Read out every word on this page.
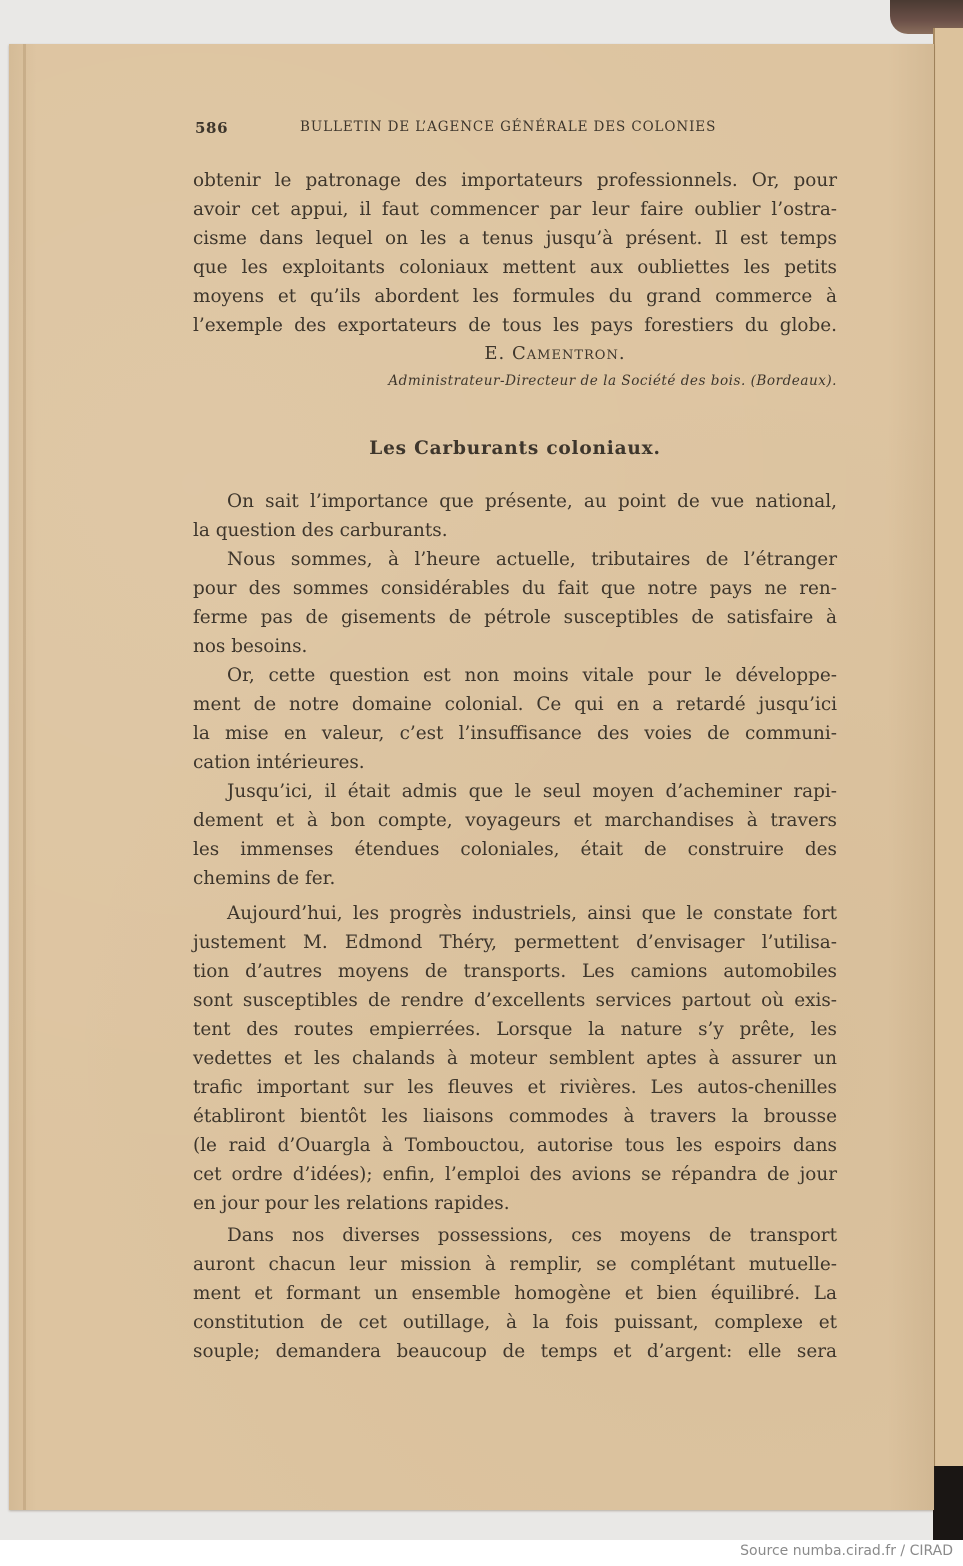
586	BULLETIN DE L’AGENCE GÉNÉRALE DES COLONIES
obtenir le patronage des importateurs professionnels. Or, pour
avoir cet appui, il faut commencer par leur faire oublier l’ostra-
cisme dans lequel on les a tenus jusqu’à présent. Il est temps
que les exploitants coloniaux mettent aux oubliettes les petits
moyens et qu’ils abordent les formules du grand commerce à
l’exemple des exportateurs de tous les pays forestiers du globe.
E. Camentron.
Administrateur-Directeur de la Société des bois. (Bordeaux).
Les Carburants coloniaux.
On sait l’importance que présente, au point de vue national,
la question des carburants.
Nous sommes, à l’heure actuelle, tributaires de l’étranger
pour des sommes considérables du fait que notre pays ne ren-
ferme pas de gisements de pétrole susceptibles de satisfaire à
nos besoins.
Or, cette question est non moins vitale pour le développe-
ment de notre domaine colonial. Ce qui en a retardé jusqu’ici
la mise en valeur, c’est l’insuffisance des voies de communi-
cation intérieures.
Jusqu’ici, il était admis que le seul moyen d’acheminer rapi-
dement et à bon compte, voyageurs et marchandises à travers
les immenses étendues coloniales, était de construire des
chemins de fer.
Aujourd’hui, les progrès industriels, ainsi que le constate fort
justement M. Edmond Théry, permettent d’envisager l’utilisa-
tion d’autres moyens de transports. Les camions automobiles
sont susceptibles de rendre d’excellents services partout où exis-
tent des routes empierrées. Lorsque la nature s’y prête, les
vedettes et les chalands à moteur semblent aptes à assurer un
trafic important sur les fleuves et rivières. Les autos-chenilles
établiront bientôt les liaisons commodes à travers la brousse
(le raid d’Ouargla à Tombouctou, autorise tous les espoirs dans
cet ordre d’idées); enfin, l’emploi des avions se répandra de jour
en jour pour les relations rapides.
Dans nos diverses possessions, ces moyens de transport
auront chacun leur mission à remplir, se complétant mutuelle-
ment et formant un ensemble homogène et bien équilibré. La
constitution de cet outillage, à la fois puissant, complexe et
souple; demandera beaucoup de temps et d’argent: elle sera
Source numba.cirad.fr / CIRAD
